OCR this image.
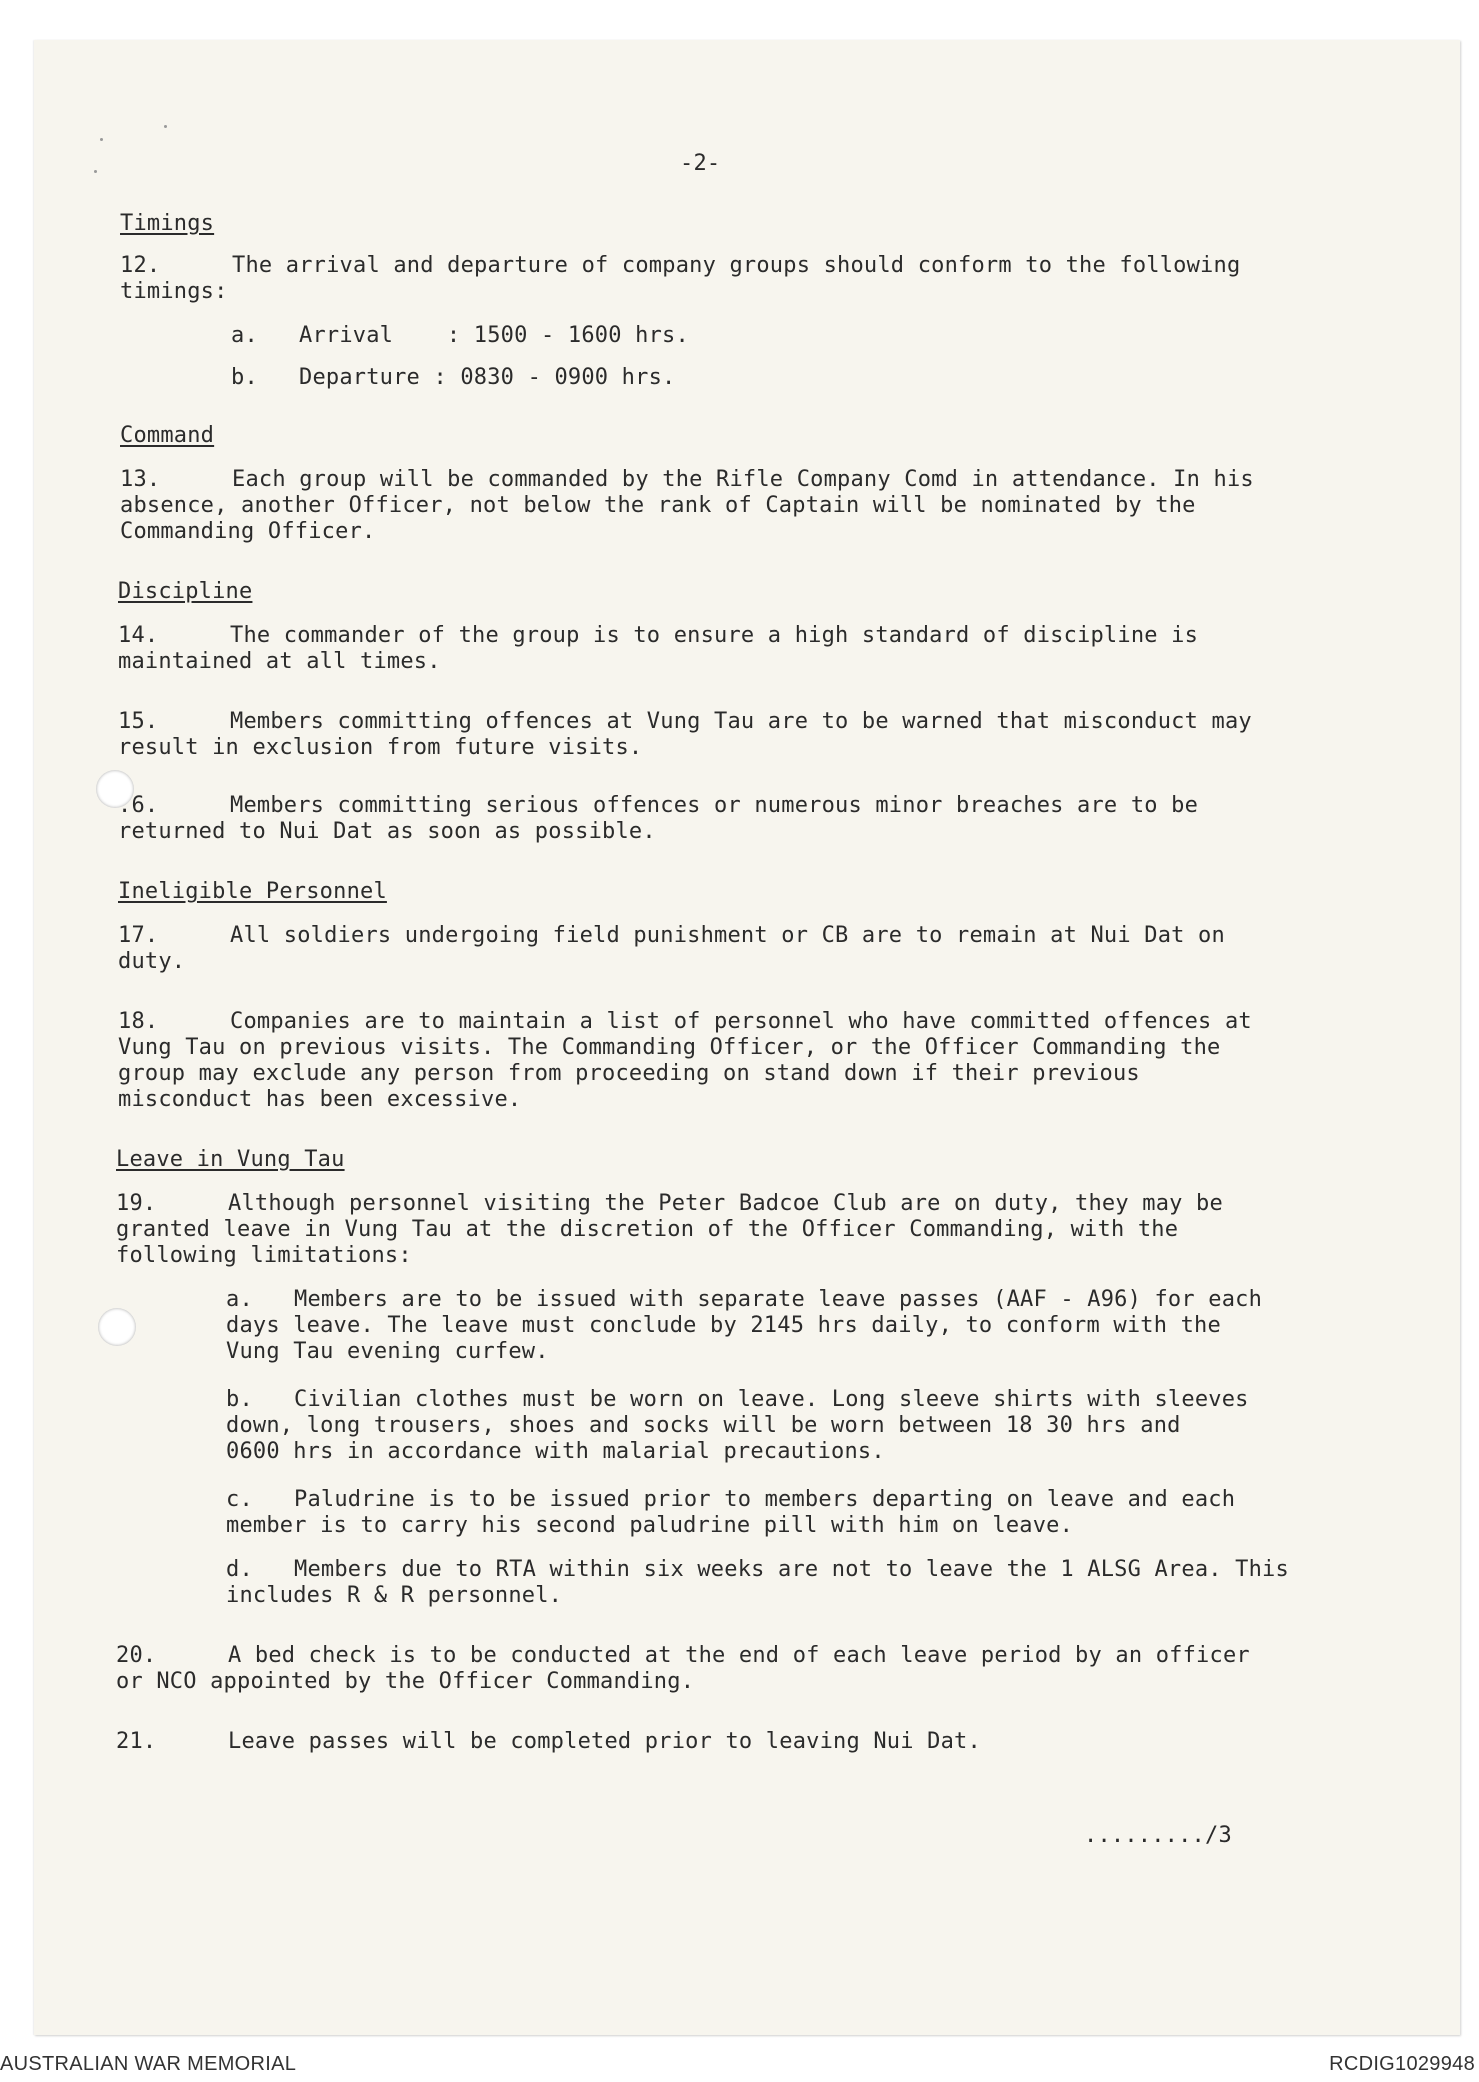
-2-
Timings
12.	The arrival and departure of company groups should conform to the following
timings:
a. Arrival    : 1500 - 1600 hrs.
b. Departure : 0830 - 0900 hrs.
Command
13.	Each group will be commanded by the Rifle Company Comd in attendance. In his
absence, another Officer, not below the rank of Captain will be nominated by the
Commanding Officer.
Discipline
14.	The commander of the group is to ensure a high standard of discipline is
maintained at all times.
15.	Members committing offences at Vung Tau are to be warned that misconduct may
result in exclusion from future visits.
.6.	Members committing serious offences or numerous minor breaches are to be
returned to Nui Dat as soon as possible.
Ineligible Personnel
17.	All soldiers undergoing field punishment or CB are to remain at Nui Dat on
duty.
18.	Companies are to maintain a list of personnel who have committed offences at
Vung Tau on previous visits. The Commanding Officer, or the Officer Commanding the
group may exclude any person from proceeding on stand down if their previous
misconduct has been excessive.
Leave in Vung Tau
19.	Although personnel visiting the Peter Badcoe Club are on duty, they may be
granted leave in Vung Tau at the discretion of the Officer Commanding, with the
following limitations:
a. Members are to be issued with separate leave passes (AAF - A96) for each
days leave. The leave must conclude by 2145 hrs daily, to conform with the
Vung Tau evening curfew.
b. Civilian clothes must be worn on leave. Long sleeve shirts with sleeves
down, long trousers, shoes and socks will be worn between 18 30 hrs and
0600 hrs in accordance with malarial precautions.
c. Paludrine is to be issued prior to members departing on leave and each
member is to carry his second paludrine pill with him on leave.
d. Members due to RTA within six weeks are not to leave the 1 ALSG Area. This
includes R & R personnel.
20.	A bed check is to be conducted at the end of each leave period by an officer
or NCO appointed by the Officer Commanding.
21.	Leave passes will be completed prior to leaving Nui Dat.
........./3
AUSTRALIAN WAR MEMORIAL	RCDIG1029948
